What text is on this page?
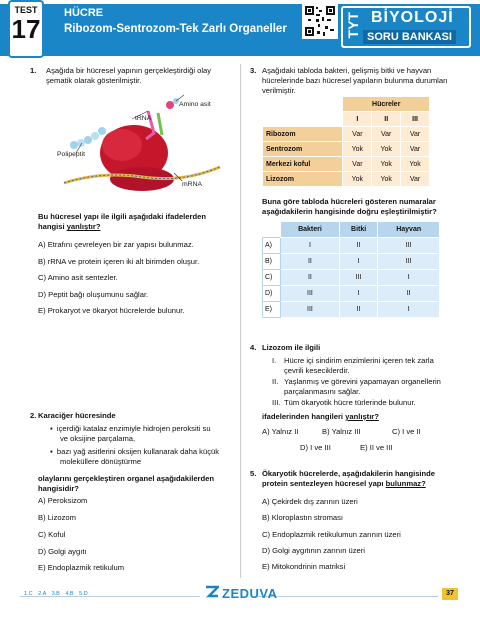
TEST
17
HÜCRE
Ribozom-Sentrozom-Tek Zarlı Organeller	TYT BİYOLOJİ
SORU BANKASI
1. Aşağıda bir hücresel yapının gerçekleştirdiği olay
şematik olarak gösterilmiştir.
Amino asit
tRNA
Polipeptit
mRNA
Bu hücresel yapı ile ilgili aşağıdaki ifadelerden
hangisi yanlıştır?
A) Etrafını çevreleyen bir zar yapısı bulunmaz.
B) rRNA ve protein içeren iki alt birimden oluşur.
C) Amino asit sentezler.
D) Peptit bağı oluşumunu sağlar.
E) Prokaryot ve ökaryot hücrelerde bulunur.
2. Karaciğer hücresinde
▪  içerdiği katalaz enzimiyle hidrojen peroksiti su
ve oksijine parçalama,
▪  bazı yağ asitlerini oksijen kullanarak daha küçük
moleküllere dönüştürme
olaylarını gerçekleştiren organel aşağıdakilerden
hangisidir?
A) Peroksizom
B) Lizozom
C) Koful
D) Golgi aygıtı
E) Endoplazmik retikulum
3. Aşağıdaki tabloda bakteri, gelişmiş bitki ve hayvan
hücrelerinde bazı hücresel yapıların bulunma durumları
verilmiştir.
	Hücreler		
	I	II	III
Ribozom	Var	Var	Var
Sentrozom	Yok	Yok	Var
Merkezi koful	Var	Yok	Yok
Lizozom	Yok	Yok	Var
Buna göre tabloda hücreleri gösteren numaralar
aşağıdakilerin hangisinde doğru eşleştirilmiştir?
	Bakteri	Bitki	Hayvan
A)	I	II	III
B)	II	I	III
C)	II	III	I
D)	III	I	II
E)	III	II	I
4. Lizozom ile ilgili
I. Hücre içi sindirim enzimlerini içeren tek zarla
çevrili keseciklerdir.
II. Yaşlanmış ve görevini yapamayan organellerin
parçalanmasını sağlar.
III. Tüm ökaryotik hücre türlerinde bulunur.
ifadelerinden hangileri yanlıştır?
A) Yalnız II	B) Yalnız III	C) I ve II
D) I ve III	E) II ve III
5. Ökaryotik hücrelerde, aşağıdakilerin hangisinde
protein sentezleyen hücresel yapı bulunmaz?
A) Çekirdek dış zarının üzeri
B) Kloroplastın stroması
C) Endoplazmik retikulumun zarının üzeri
D) Golgi aygıtının zarının üzeri
E) Mitokondrinin matriksi
1.C 2.A 3.B 4.B 5.D	ZEDUVA	37
